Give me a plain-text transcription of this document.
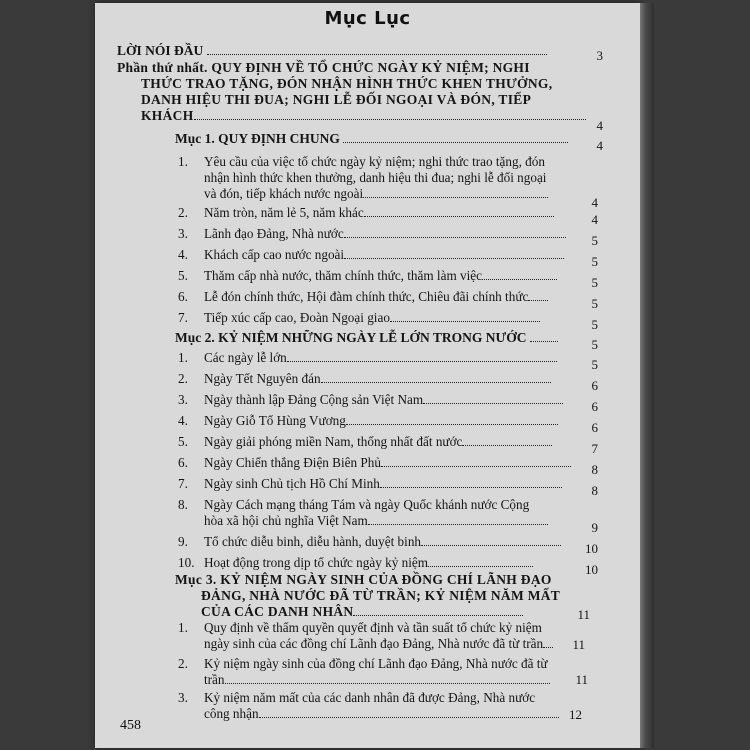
Mục Lục
LỜI NÓI ĐẦU	3
Phần thứ nhất. QUY ĐỊNH VỀ TỔ CHỨC NGÀY KỶ NIỆM; NGHI
THỨC TRAO TẶNG, ĐÓN NHẬN HÌNH THỨC KHEN THƯỞNG,
DANH HIỆU THI ĐUA; NGHI LỄ ĐỐI NGOẠI VÀ ĐÓN, TIẾP
KHÁCH
4
Mục 1. QUY ĐỊNH CHUNG	4
1.	Yêu cầu của việc tổ chức ngày kỷ niệm; nghi thức trao tặng, đón
nhận hình thức khen thưởng, danh hiệu thi đua; nghi lễ đối ngoại
và đón, tiếp khách nước ngoài
4
2.	Năm tròn, năm lẻ 5, năm khác	4
3.	Lãnh đạo Đảng, Nhà nước	5
4.	Khách cấp cao nước ngoài	5
5.	Thăm cấp nhà nước, thăm chính thức, thăm làm việc	5
6.	Lễ đón chính thức, Hội đàm chính thức, Chiêu đãi chính thức	5
7.	Tiếp xúc cấp cao, Đoàn Ngoại giao	5
Mục 2. KỶ NIỆM NHỮNG NGÀY LỄ LỚN TRONG NƯỚC	5
1.	Các ngày lễ lớn	5
2.	Ngày Tết Nguyên đán	6
3.	Ngày thành lập Đảng Cộng sản Việt Nam	6
4.	Ngày Giỗ Tổ Hùng Vương	6
5.	Ngày giải phóng miền Nam, thống nhất đất nước	7
6.	Ngày Chiến thắng Điện Biên Phủ	8
7.	Ngày sinh Chủ tịch Hồ Chí Minh	8
8.	Ngày Cách mạng tháng Tám và ngày Quốc khánh nước Cộng
hòa xã hội chủ nghĩa Việt Nam	9
9.	Tổ chức diễu binh, diễu hành, duyệt binh	10
10. Hoạt động trong dịp tổ chức ngày kỷ niệm	10
Mục 3. KỶ NIỆM NGÀY SINH CỦA ĐỒNG CHÍ LÃNH ĐẠO
ĐẢNG, NHÀ NƯỚC ĐÃ TỪ TRẦN; KỶ NIỆM NĂM MẤT
CỦA CÁC DANH NHÂN	11
1.	Quy định về thẩm quyền quyết định và tần suất tổ chức kỷ niệm
ngày sinh của các đồng chí Lãnh đạo Đảng, Nhà nước đã từ trần	11
2.	Kỷ niệm ngày sinh của đồng chí Lãnh đạo Đảng, Nhà nước đã từ
trần	11
3.	Kỷ niệm năm mất của các danh nhân đã được Đảng, Nhà nước
công nhận	12
458
